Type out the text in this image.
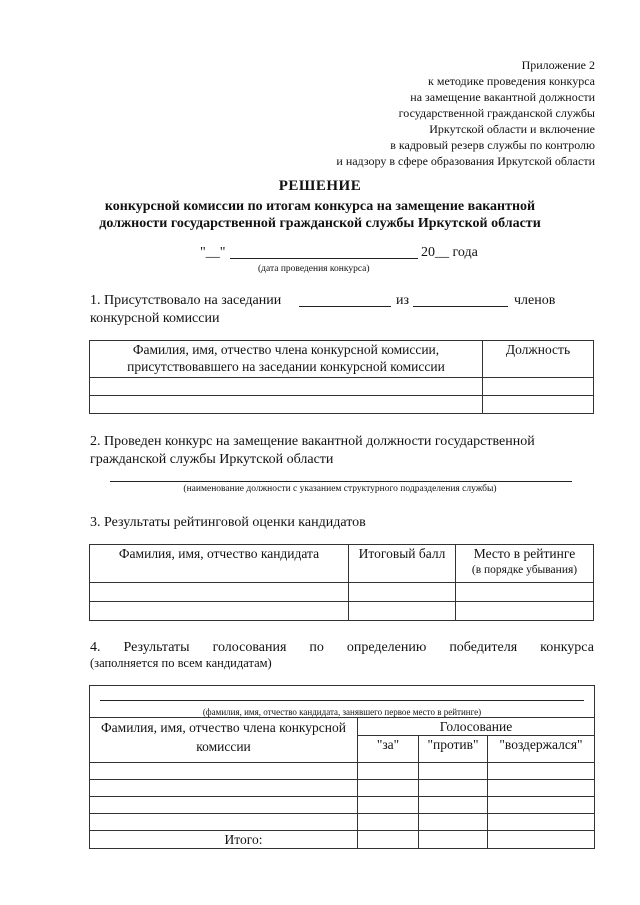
Приложение 2
к методике проведения конкурса
на замещение вакантной должности
государственной гражданской службы
Иркутской области и включение
в кадровый резерв службы по контролю
и надзору в сфере образования Иркутской области
РЕШЕНИЕ
конкурсной комиссии по итогам конкурса на замещение вакантной
должности государственной гражданской службы Иркутской области
"__"	20__ года
(дата проведения конкурса)
1. Присутствовало на заседании	из	членов
конкурсной комиссии
Фамилия, имя, отчество члена конкурсной комиссии, присутствовавшего на заседании конкурсной комиссии	Должность

2. Проведен конкурс на замещение вакантной должности государственной
гражданской службы Иркутской области
(наименование должности с указанием структурного подразделения службы)
3. Результаты рейтинговой оценки кандидатов
Фамилия, имя, отчество кандидата	Итоговый балл	Место в рейтинге
(в порядке убывания)

4. Результаты голосования по определению победителя конкурса
(заполняется по всем кандидатам)
(фамилия, имя, отчество кандидата, занявшего первое место в рейтинге)			

Фамилия, имя, отчество члена конкурсной комиссии	Голосование		
	"за"	"против"	"воздержался"

Итого:			
